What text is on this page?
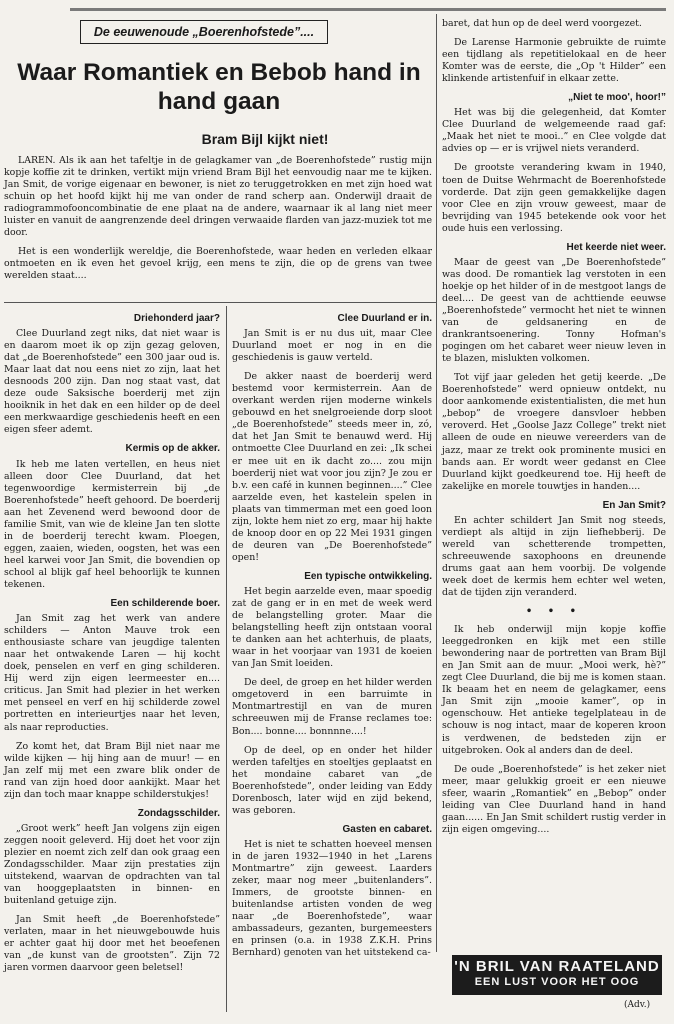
De eeuwenoude „Boerenhofstede”....
Waar Romantiek en Bebob hand in hand gaan
Bram Bijl kijkt niet!

LAREN. Als ik aan het tafeltje in de gelagkamer van „de Boerenhofstede” rustig mijn kopje koffie zit te drinken, vertikt mijn vriend Bram Bijl het eenvoudig naar me te kijken. Jan Smit, de vorige eigenaar en bewoner, is niet zo teruggetrokken en met zijn hoed wat schuin op het hoofd kijkt hij me van onder de rand scherp aan. Onderwijl draait de radiogrammofooncombinatie de ene plaat na de andere, waarnaar ik al lang niet meer luister en vanuit de aangrenzende deel dringen verwaaide flarden van jazz-muziek tot me door.

Het is een wonderlijk wereldje, die Boerenhofstede, waar heden en verleden elkaar ontmoeten en ik even het gevoel krijg, een mens te zijn, die op de grens van twee werelden staat....

Driehonderd jaar?

Clee Duurland zegt niks, dat niet waar is en daarom moet ik op zijn gezag geloven, dat „de Boerenhofstede” een 300 jaar oud is. Maar laat dat nou eens niet zo zijn, laat het desnoods 200 zijn. Dan nog staat vast, dat deze oude Saksische boerderij met zijn hooiknik in het dak en een hilder op de deel een merkwaardige geschiedenis heeft en een eigen sfeer ademt.

Kermis op de akker.

Ik heb me laten vertellen, en heus niet alleen door Clee Duurland, dat het tegenwoordige kermisterrein bij „de Boerenhofstede” heeft gehoord. De boerderij aan het Zevenend werd bewoond door de familie Smit, van wie de kleine Jan ten slotte in de boerderij terecht kwam. Ploegen, eggen, zaaien, wieden, oogsten, het was een heel karwei voor Jan Smit, die bovendien op school al blijk gaf heel behoorlijk te kunnen tekenen.

Een schilderende boer.

Jan Smit zag het werk van andere schilders — Anton Mauve trok een enthousiaste schare van jeugdige talenten naar het ontwakende Laren — hij kocht doek, penselen en verf en ging schilderen. Hij werd zijn eigen leermeester en.... criticus. Jan Smit had plezier in het werken met penseel en verf en hij schilderde zowel portretten en interieurtjes naar het leven, als naar reproducties.

Zo komt het, dat Bram Bijl niet naar me wilde kijken — hij hing aan de muur! — en Jan zelf mij met een zware blik onder de rand van zijn hoed door aankijkt. Maar het zijn dan toch maar knappe schilderstukjes!

Zondagsschilder.

„Groot werk” heeft Jan volgens zijn eigen zeggen nooit geleverd. Hij doet het voor zijn plezier en noemt zich zelf dan ook graag een Zondagsschilder. Maar zijn prestaties zijn uitstekend, waarvan de opdrachten van tal van hooggeplaatsten in binnen- en buitenland getuige zijn.

Jan Smit heeft „de Boerenhofstede” verlaten, maar in het nieuwgebouwde huis er achter gaat hij door met het beoefenen van „de kunst van de grootsten”. Zijn 72 jaren vormen daarvoor geen beletsel!

Clee Duurland er in.

Jan Smit is er nu dus uit, maar Clee Duurland moet er nog in en die geschiedenis is gauw verteld.

De akker naast de boerderij werd bestemd voor kermisterrein. Aan de overkant werden rijen moderne winkels gebouwd en het snelgroeiende dorp sloot „de Boerenhofstede” steeds meer in, zó, dat het Jan Smit te benauwd werd. Hij ontmoette Clee Duurland en zei: „Ik schei er mee uit en ik dacht zo.... zou mijn boerderij niet wat voor jou zijn? Je zou er b.v. een café in kunnen beginnen....” Clee aarzelde even, het kastelein spelen in plaats van timmerman met een goed loon zijn, lokte hem niet zo erg, maar hij hakte de knoop door en op 22 Mei 1931 gingen de deuren van „De Boerenhofstede” open!

Een typische ontwikkeling.

Het begin aarzelde even, maar spoedig zat de gang er in en met de week werd de belangstelling groter. Maar die belangstelling heeft zijn ontstaan vooral te danken aan het achterhuis, de plaats, waar in het voorjaar van 1931 de koeien van Jan Smit loeiden.

De deel, de groep en het hilder werden omgetoverd in een barruimte in Montmartrestijl en van de muren schreeuwen mij de Franse reclames toe: Bon.... bonne.... bonnnne....!

Op de deel, op en onder het hilder werden tafeltjes en stoeltjes geplaatst en het mondaine cabaret van „de Boerenhofstede”, onder leiding van Eddy Dorenbosch, later wijd en zijd bekend, was geboren.

Gasten en cabaret.

Het is niet te schatten hoeveel mensen in de jaren 1932—1940 in het „Larens Montmartre” zijn geweest. Laarders zeker, maar nog meer „buitenlanders”. Immers, de grootste binnen- en buitenlandse artisten vonden de weg naar „de Boerenhofstede”, waar ambassadeurs, gezanten, burgemeesters en prinsen (o.a. in 1938 Z.K.H. Prins Bernhard) genoten van het uitstekend ca-

baret, dat hun op de deel werd voorgezet.

De Larense Harmonie gebruikte de ruimte een tijdlang als repetitielokaal en de heer Komter was de eerste, die „Op 't Hilder” een klinkende artistenfuif in elkaar zette.

„Niet te moo', hoor!”

Het was bij die gelegenheid, dat Komter Clee Duurland de welgemeende raad gaf: „Maak het niet te mooi..” en Clee volgde dat advies op — er is vrijwel niets veranderd.

De grootste verandering kwam in 1940, toen de Duitse Wehrmacht de Boerenhofstede vorderde. Dat zijn geen gemakkelijke dagen voor Clee en zijn vrouw geweest, maar de bevrijding van 1945 betekende ook voor het oude huis een verlossing.

Het keerde niet weer.

Maar de geest van „De Boerenhofstede” was dood. De romantiek lag verstoten in een hoekje op het hilder of in de mestgoot langs de deel.... De geest van de achttiende eeuwse „Boerenhofstede” vermocht het niet te winnen van de geldsanering en de drankrantsoenering. Tonny Hofman's pogingen om het cabaret weer nieuw leven in te blazen, mislukten volkomen.

Tot vijf jaar geleden het getij keerde. „De Boerenhofstede” werd opnieuw ontdekt, nu door aankomende existentialisten, die met hun „bebop” de vroegere dansvloer hebben veroverd. Het „Goolse Jazz College” trekt niet alleen de oude en nieuwe vereerders van de jazz, maar ze trekt ook prominente musici en bands aan. Er wordt weer gedanst en Clee Duurland kijkt goedkeurend toe. Hij heeft de zakelijke en morele touwtjes in handen....

En Jan Smit?

En achter schildert Jan Smit nog steeds, verdiept als altijd in zijn liefhebberij. De wereld van schetterende trompetten, schreeuwende saxophoons en dreunende drums gaat aan hem voorbij. De volgende week doet de kermis hem echter wel weten, dat de tijden zijn veranderd.

• • •

Ik heb onderwijl mijn kopje koffie leeggedronken en kijk met een stille bewondering naar de portretten van Bram Bijl en Jan Smit aan de muur. „Mooi werk, hè?” zegt Clee Duurland, die bij me is komen staan. Ik beaam het en neem de gelagkamer, eens Jan Smit zijn „mooie kamer”, op in ogenschouw. Het antieke tegelplateau in de schouw is nog intact, maar de koperen kroon is verdwenen, de bedsteden zijn er uitgebroken. Ook al anders dan de deel.

De oude „Boerenhofstede” is het zeker niet meer, maar gelukkig groeit er een nieuwe sfeer, waarin „Romantiek” en „Bebop” onder leiding van Clee Duurland hand in hand gaan...... En Jan Smit schildert rustig verder in zijn eigen omgeving....

'N BRIL VAN RAATELAND
EEN LUST VOOR HET OOG
(Adv.)
